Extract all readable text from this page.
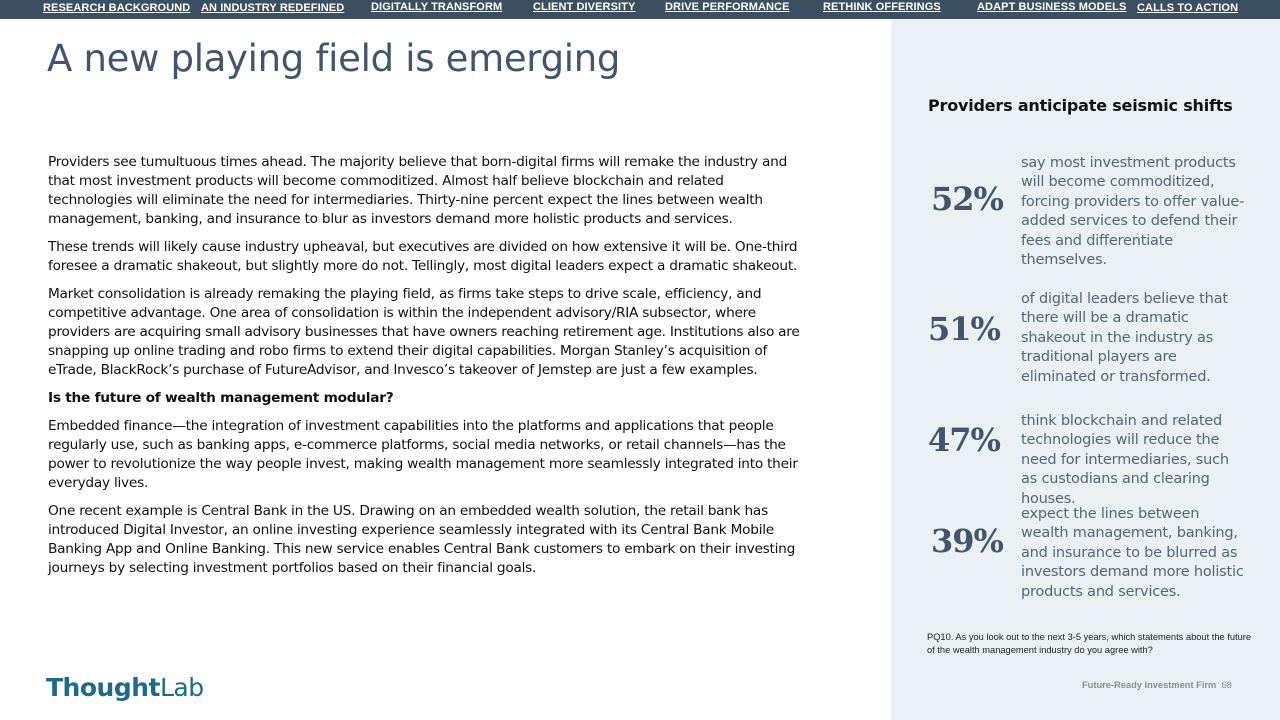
RESEARCH BACKGROUND AN INDUSTRY REDEFINED DIGITALLY TRANSFORM	CLIENT DIVERSITY	DRIVE PERFORMANCE	RETHINK OFFERINGS	ADAPT BUSINESS MODELS CALLS TO ACTION
A new playing field is emerging

Providers see tumultuous times ahead. The majority believe that born-digital firms will remake the industry and that most investment products will become commoditized. Almost half believe blockchain and related technologies will eliminate the need for intermediaries. Thirty-nine percent expect the lines between wealth management, banking, and insurance to blur as investors demand more holistic products and services.

These trends will likely cause industry upheaval, but executives are divided on how extensive it will be. One-third foresee a dramatic shakeout, but slightly more do not. Tellingly, most digital leaders expect a dramatic shakeout.

Market consolidation is already remaking the playing field, as firms take steps to drive scale, efficiency, and competitive advantage. One area of consolidation is within the independent advisory/RIA subsector, where providers are acquiring small advisory businesses that have owners reaching retirement age. Institutions also are snapping up online trading and robo firms to extend their digital capabilities. Morgan Stanley’s acquisition of eTrade, BlackRock’s purchase of FutureAdvisor, and Invesco’s takeover of Jemstep are just a few examples.

Is the future of wealth management modular?

Embedded finance—the integration of investment capabilities into the platforms and applications that people regularly use, such as banking apps, e-commerce platforms, social media networks, or retail channels—has the power to revolutionize the way people invest, making wealth management more seamlessly integrated into their everyday lives.

One recent example is Central Bank in the US. Drawing on an embedded wealth solution, the retail bank has introduced Digital Investor, an online investing experience seamlessly integrated with its Central Bank Mobile Banking App and Online Banking. This new service enables Central Bank customers to embark on their investing journeys by selecting investment portfolios based on their financial goals.

ThoughtLab
Providers anticipate seismic shifts
52%
say most investment products will become commoditized, forcing providers to offer value-added services to defend their fees and differentiate themselves.
51%
of digital leaders believe that there will be a dramatic shakeout in the industry as traditional players are eliminated or transformed.
47% think blockchain and related technologies will reduce the need for intermediaries, such as custodians and clearing houses.
39%
expect the lines between wealth management, banking, and insurance to be blurred as investors demand more holistic products and services.
PQ10. As you look out to the next 3-5 years, which statements about the future of the wealth management industry do you agree with?
Future-Ready Investment Firm 68
